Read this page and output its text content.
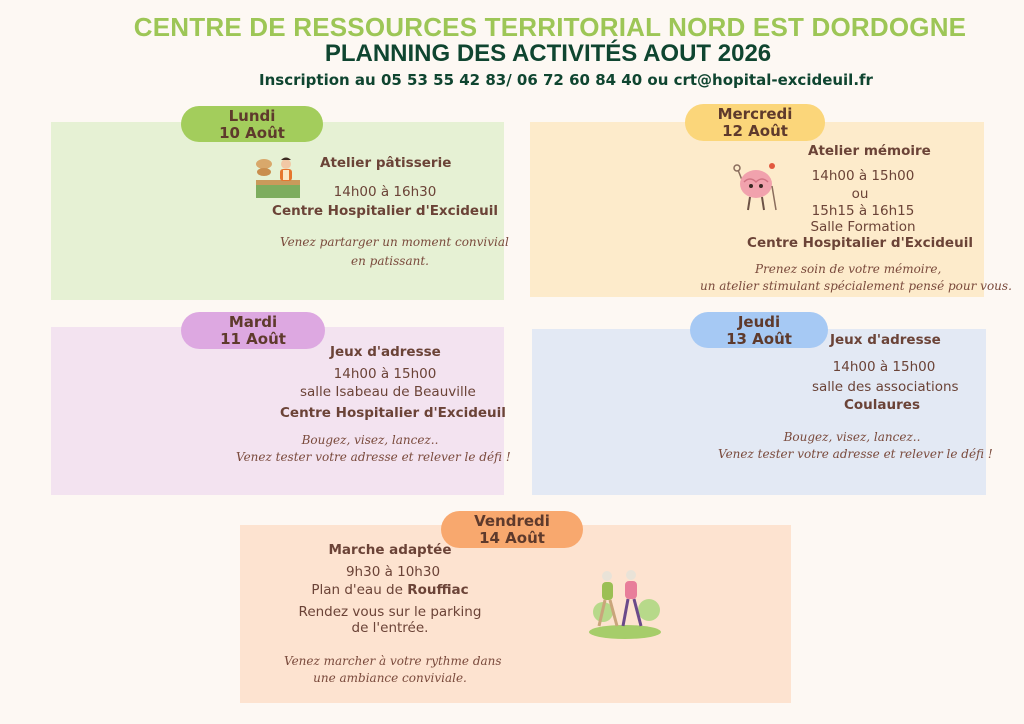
CENTRE DE RESSOURCES TERRITORIAL NORD EST DORDOGNE
PLANNING DES ACTIVITÉS AOUT 2026
Inscription au 05 53 55 42 83/ 06 72 60 84 40 ou crt@hopital-excideuil.fr
Lundi
10 Août
Atelier pâtisserie
14h00 à 16h30
Centre Hospitalier d'Excideuil
Venez partarger un moment convivial
en patissant.
Mercredi
12 Août
Atelier mémoire
14h00 à 15h00
ou
15h15 à 16h15
Salle Formation
Centre Hospitalier d'Excideuil
Prenez soin de votre mémoire,
un atelier stimulant spécialement pensé pour vous.
Mardi
11 Août
Jeux d'adresse
14h00 à 15h00
salle Isabeau de Beauville
Centre Hospitalier d'Excideuil
Bougez, visez, lancez..
Venez tester votre adresse et relever le défi !
Jeudi
13 Août	Jeux d'adresse
14h00 à 15h00
salle des associations
Coulaures
Bougez, visez, lancez..
Venez tester votre adresse et relever le défi !
Vendredi
14 Août
Marche adaptée
9h30 à 10h30
Plan d'eau de Rouffiac
Rendez vous sur le parking
de l'entrée.
Venez marcher à votre rythme dans
une ambiance conviviale.
